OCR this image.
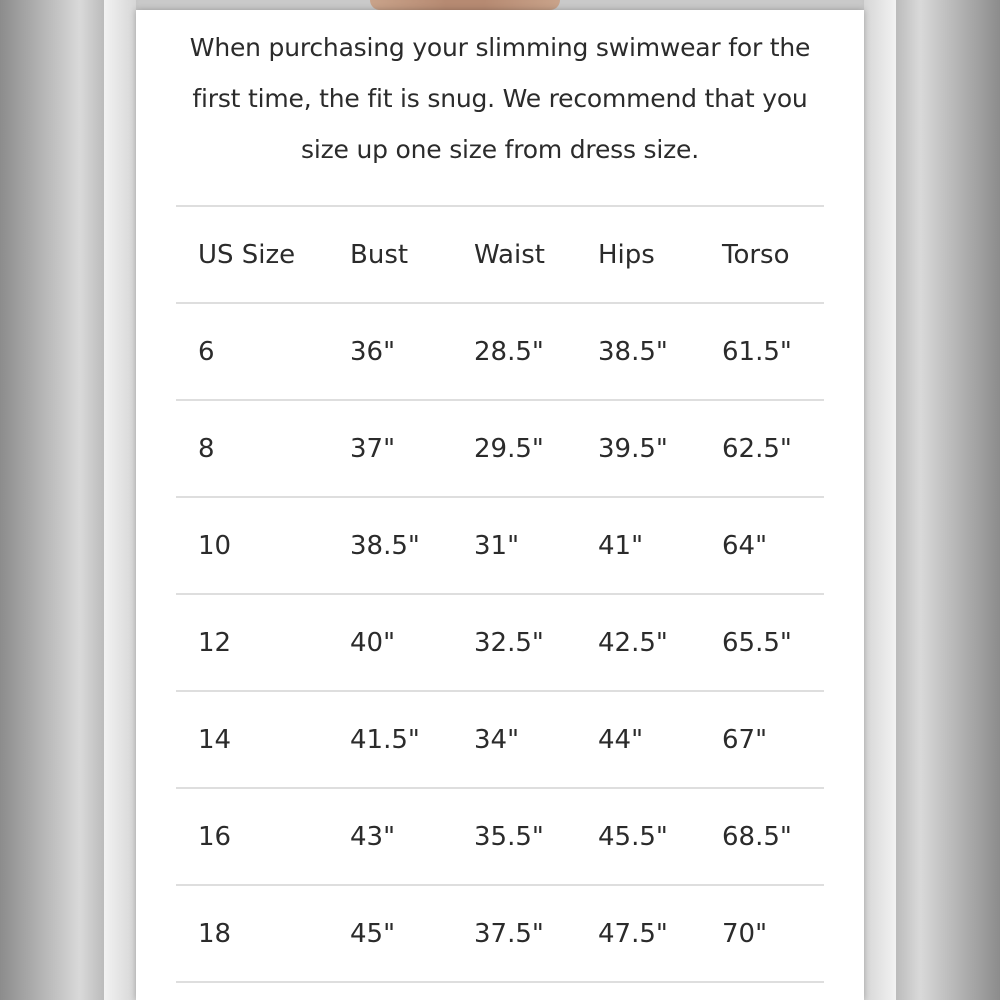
When purchasing your slimming swimwear for the first time, the fit is snug. We recommend that you size up one size from dress size.
US Size	Bust	Waist	Hips	Torso
6	36"	28.5"	38.5"	61.5"
8	37"	29.5"	39.5"	62.5"
10	38.5"	31"	41"	64"
12	40"	32.5"	42.5"	65.5"
14	41.5"	34"	44"	67"
16	43"	35.5"	45.5"	68.5"
18	45"	37.5"	47.5"	70"
